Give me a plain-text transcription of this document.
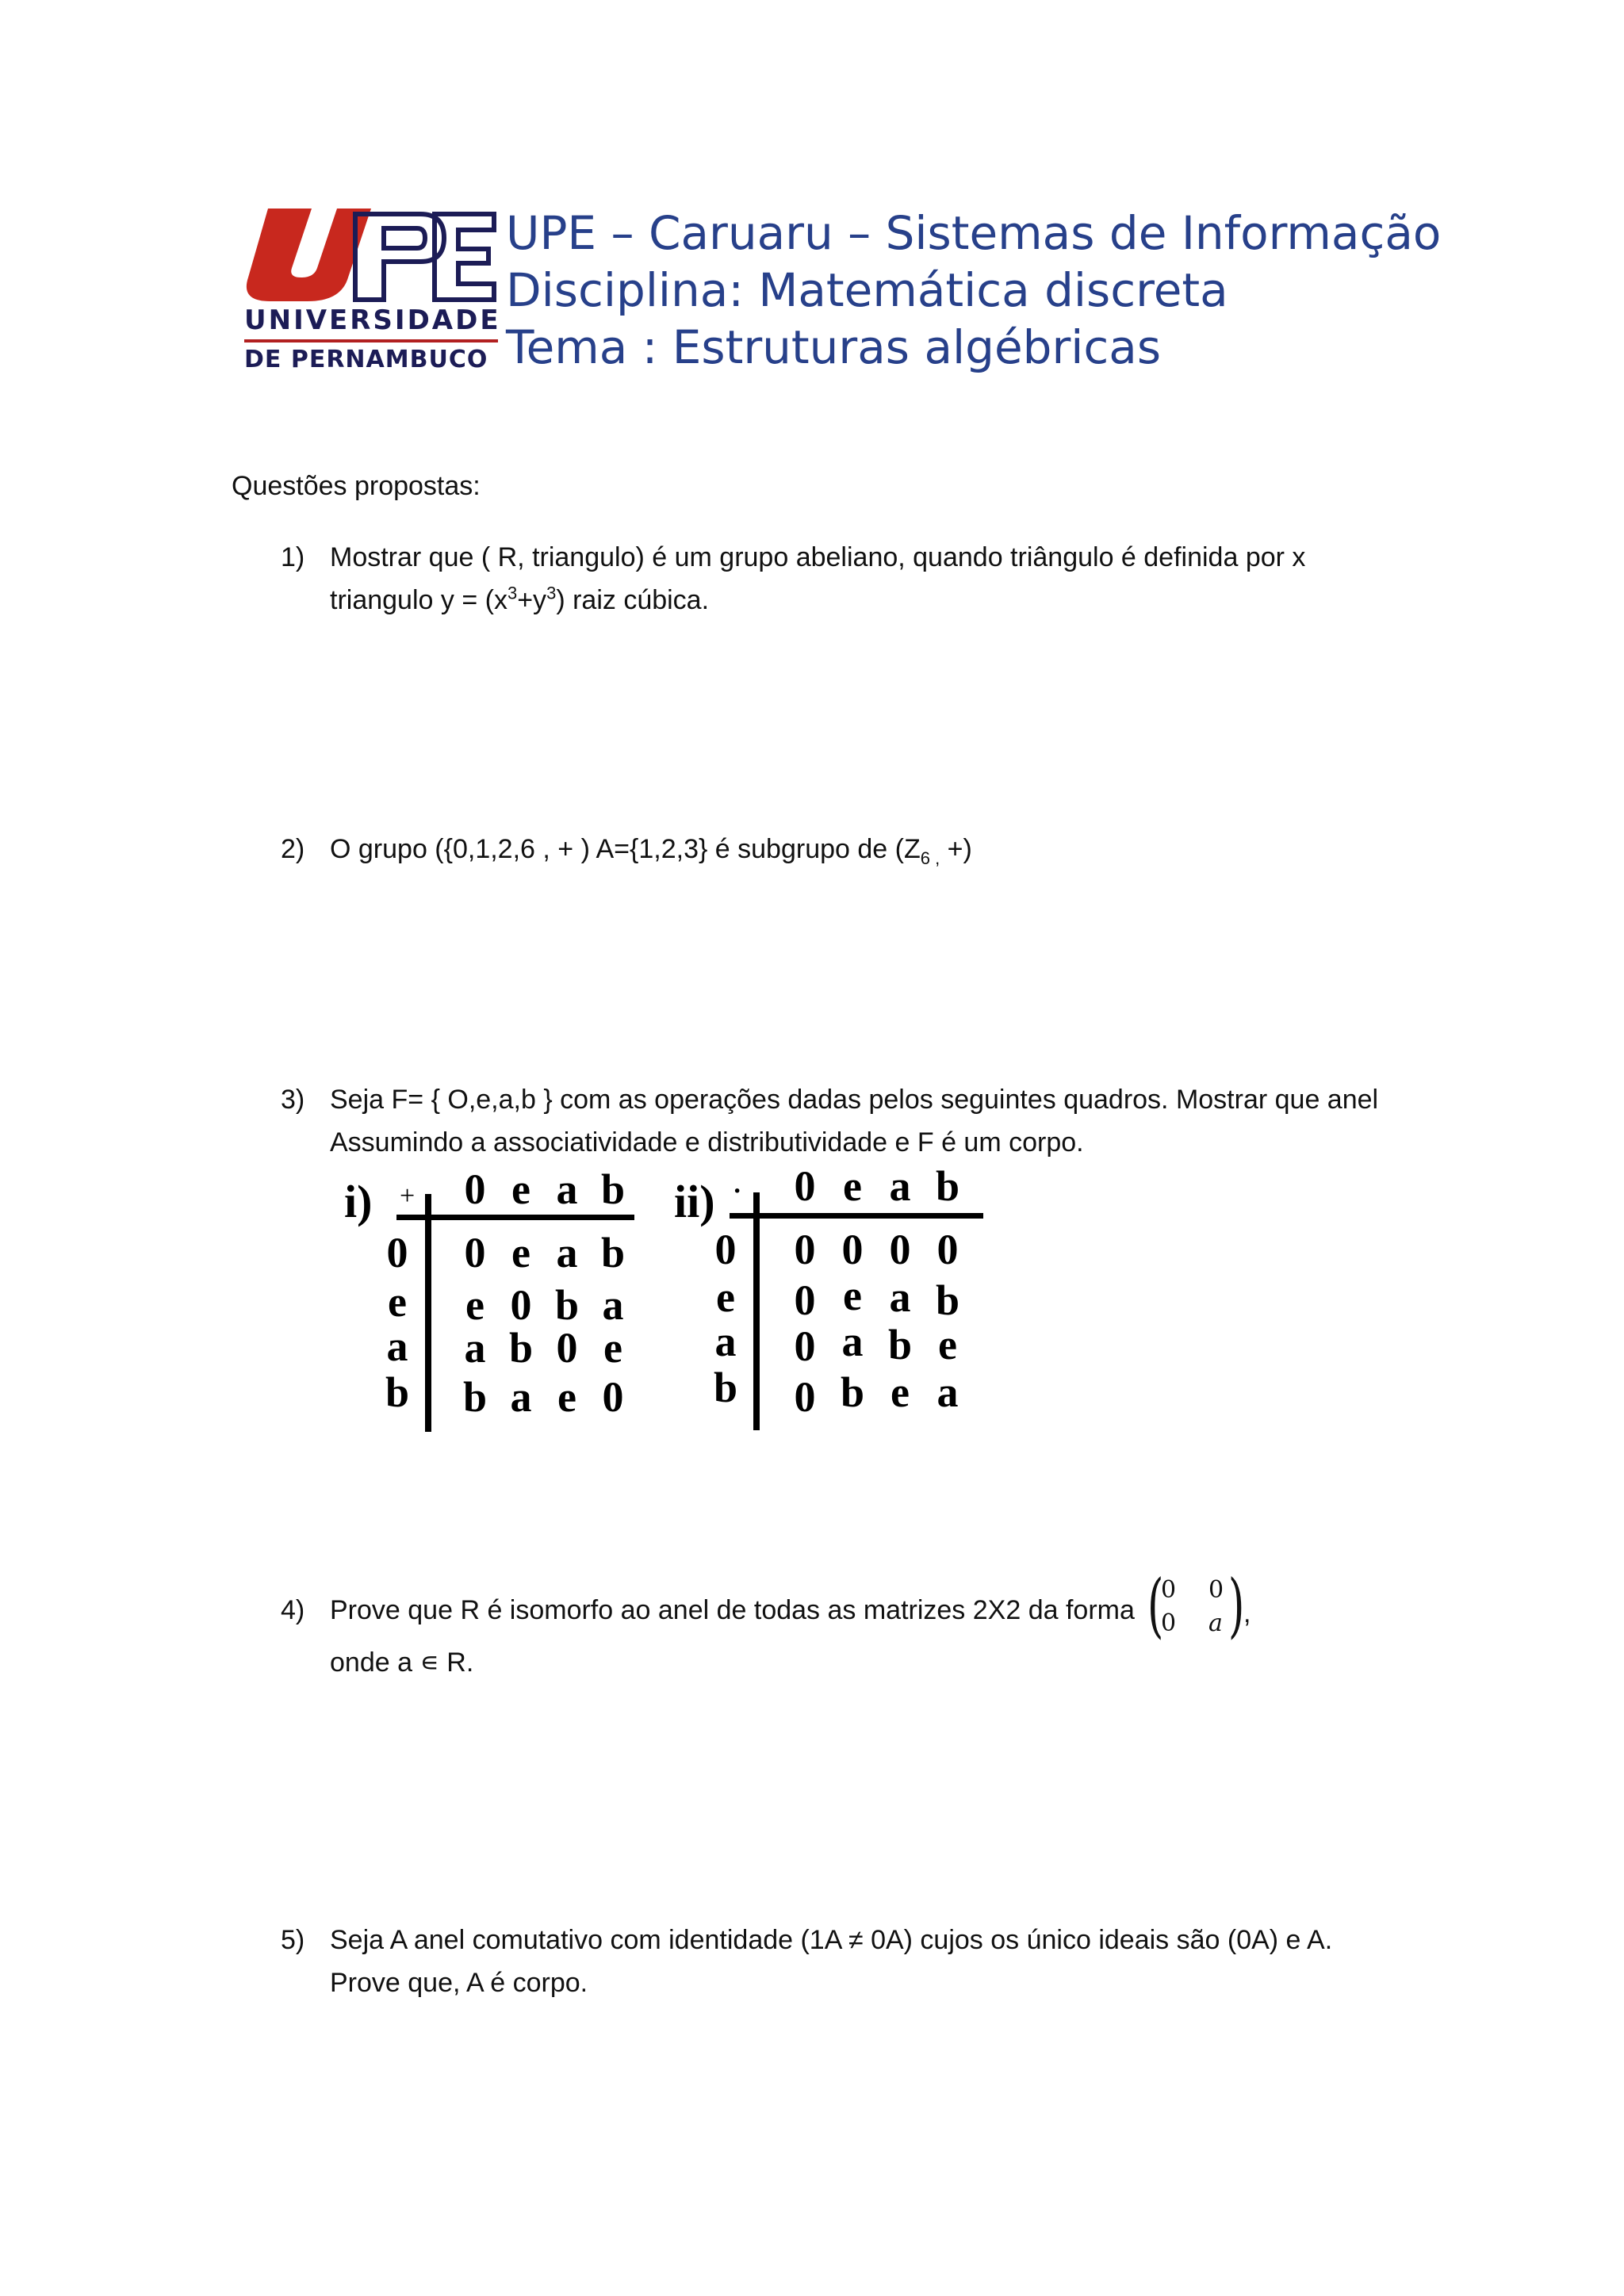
UNIVERSIDADE
DE PERNAMBUCO
UPE – Caruaru – Sistemas de Informação
Disciplina: Matemática discreta
Tema : Estruturas algébricas
Questões propostas:
1) Mostrar que ( R, triangulo) é um grupo abeliano, quando triângulo é definida por x
triangulo $y = (x^3+y^3)$ raiz cúbica.
2) O grupo ({0,1,2,6 , + ) A={1,2,3} é subgrupo de ($Z_{6 ,}$ +)
3) Seja F= { O,e,a,b } com as operações dadas pelos seguintes quadros. Mostrar que anel
Assumindo a associatividade e distributividade e F é um corpo.
i) + 0 e a b
0 0 e a b
e	e 0 b a
a a b 0 e
b b a e 0
ii) · 0 e a b
0 0 0 0 0
e	0 e a b
a 0 a b e
b 0 b e a
4) Prove que R é isomorfo ao anel de todas as matrizes 2X2 da forma (
0 0
0 a )
,
onde a ∊ R.
5) Seja A anel comutativo com identidade (1A ≠ 0A) cujos os único ideais são (0A) e A.
Prove que, A é corpo.
